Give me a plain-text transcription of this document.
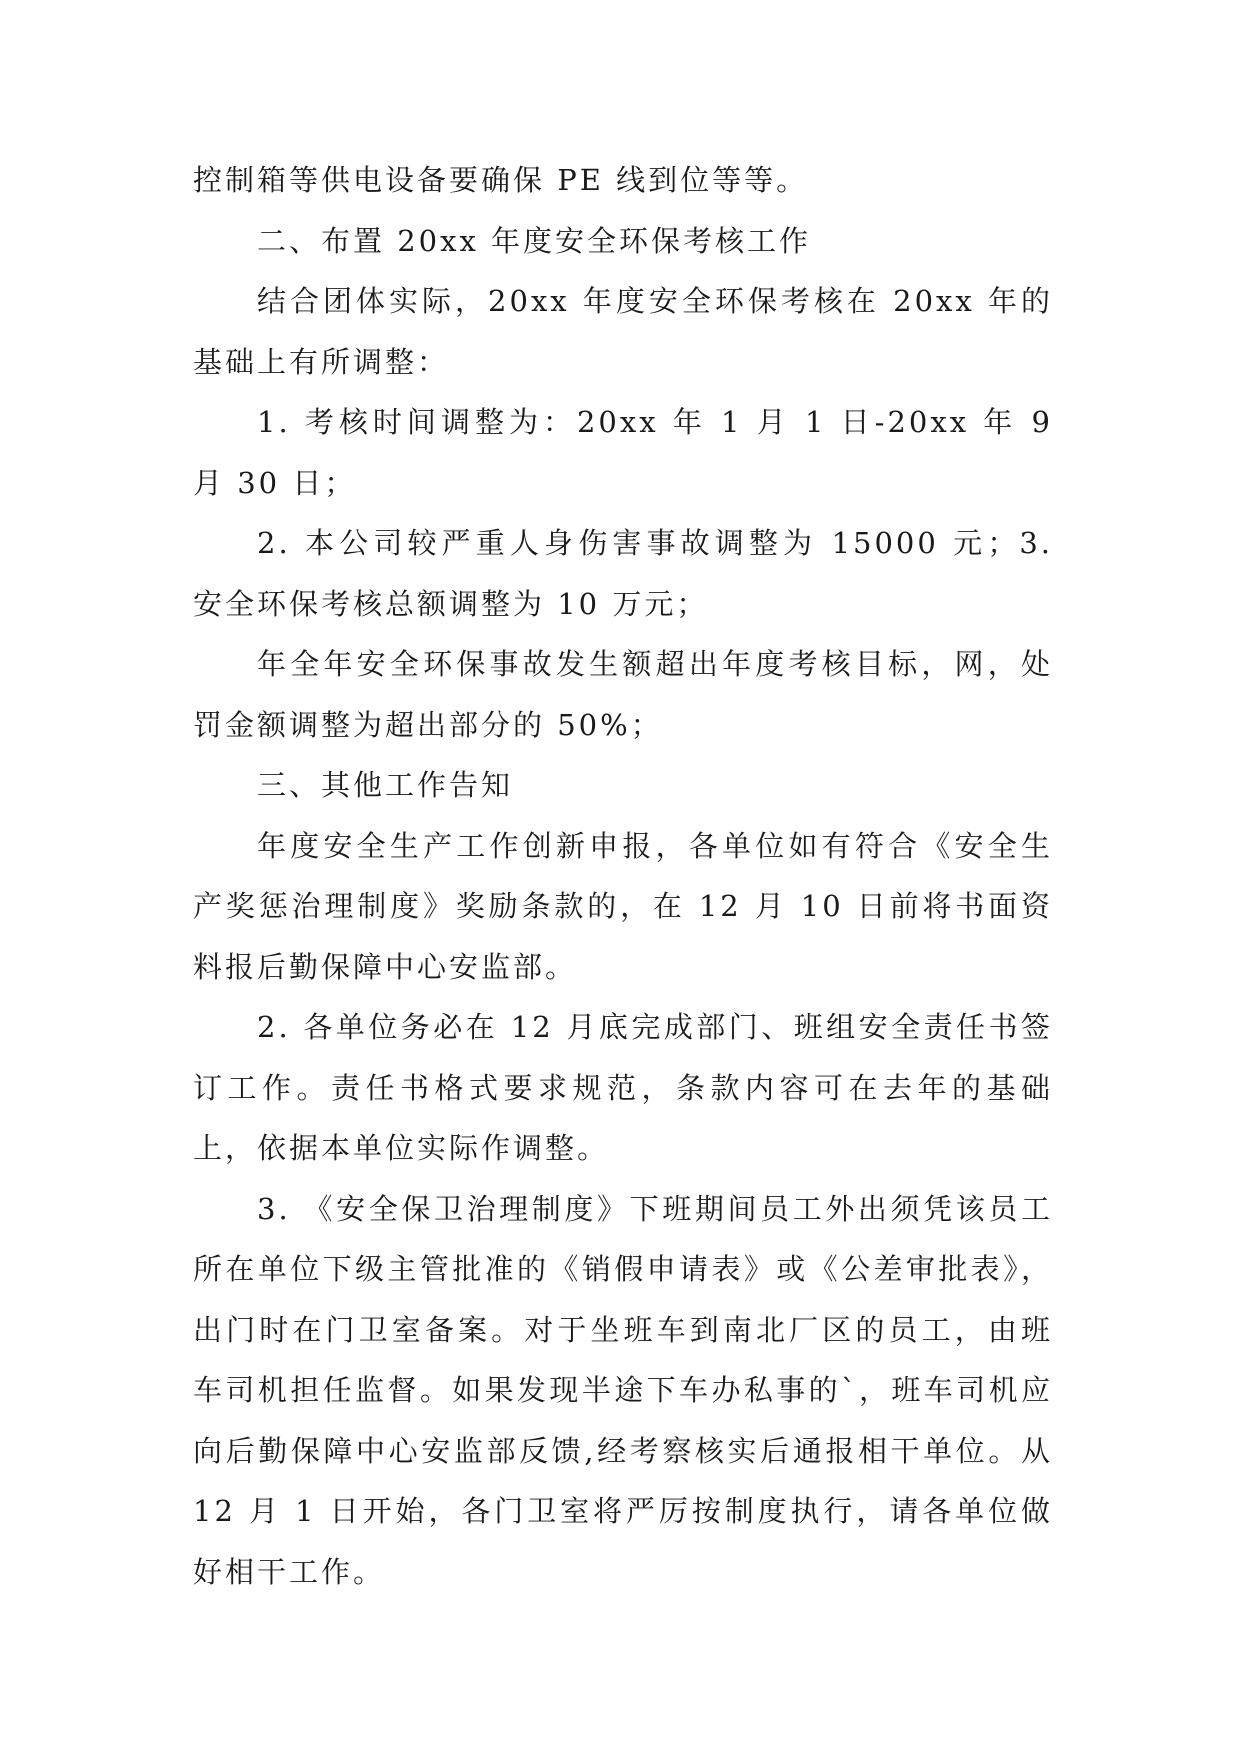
控制箱等供电设备要确保 PE 线到位等等。

二、布置 20xx 年度安全环保考核工作

结合团体实际，20xx 年度安全环保考核在 20xx 年的基础上有所调整：

1. 考核时间调整为：20xx 年 1 月 1 日-20xx 年 9 月 30 日；

2. 本公司较严重人身伤害事故调整为 15000 元；3. 安全环保考核总额调整为 10 万元；

年全年安全环保事故发生额超出年度考核目标，网，处罚金额调整为超出部分的 50%；

三、其他工作告知

年度安全生产工作创新申报，各单位如有符合《安全生产奖惩治理制度》奖励条款的，在 12 月 10 日前将书面资料报后勤保障中心安监部。

2. 各单位务必在 12 月底完成部门、班组安全责任书签订工作。责任书格式要求规范，条款内容可在去年的基础上，依据本单位实际作调整。

3. 《安全保卫治理制度》下班期间员工外出须凭该员工所在单位下级主管批准的《销假申请表》或《公差审批表》，出门时在门卫室备案。对于坐班车到南北厂区的员工，由班车司机担任监督。如果发现半途下车办私事的`，班车司机应向后勤保障中心安监部反馈,经考察核实后通报相干单位。从 12 月 1 日开始，各门卫室将严厉按制度执行，请各单位做好相干工作。
